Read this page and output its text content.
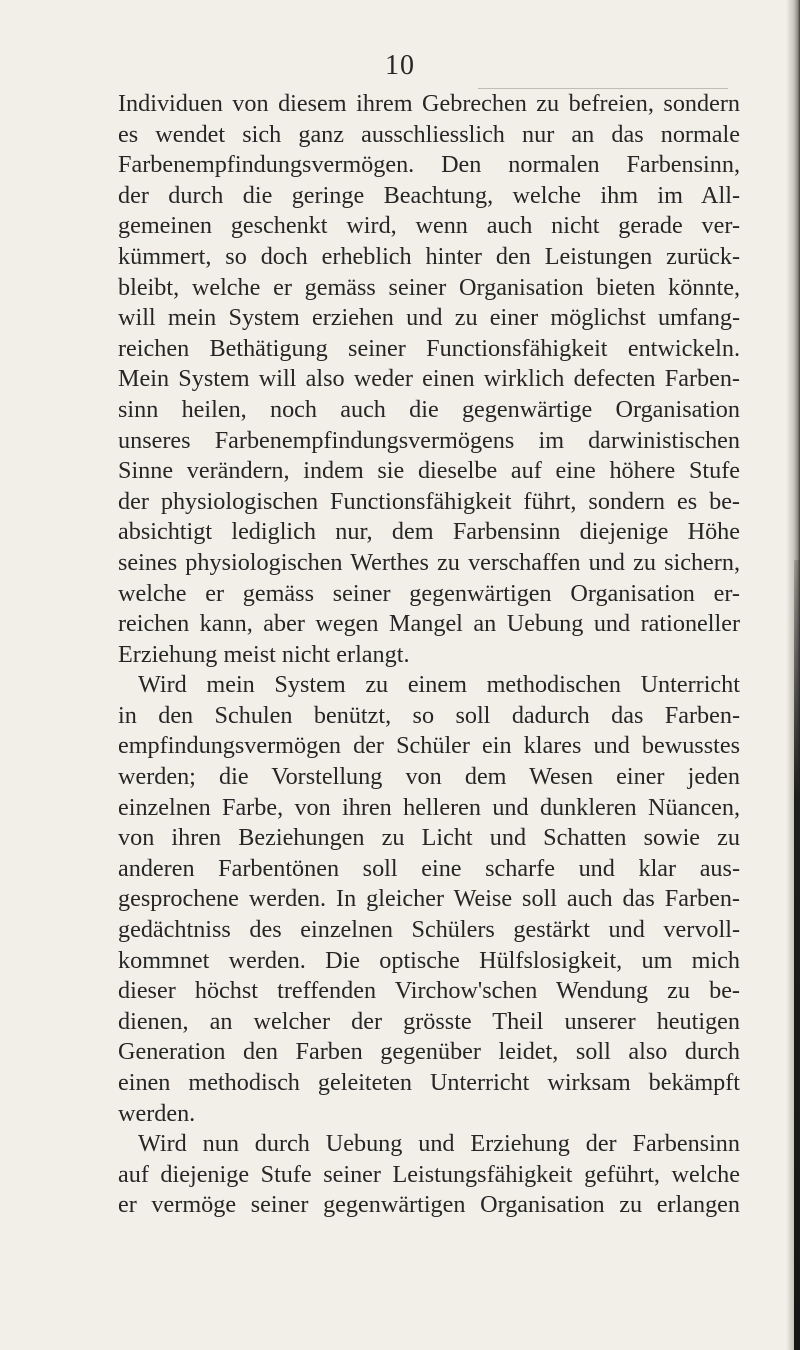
10
Individuen von diesem ihrem Gebrechen zu befreien, sondern
es wendet sich ganz ausschliesslich nur an das normale
Farbenempfindungsvermögen. Den normalen Farbensinn,
der durch die geringe Beachtung, welche ihm im All-
gemeinen geschenkt wird, wenn auch nicht gerade ver-
kümmert, so doch erheblich hinter den Leistungen zurück-
bleibt, welche er gemäss seiner Organisation bieten könnte,
will mein System erziehen und zu einer möglichst umfang-
reichen Bethätigung seiner Functionsfähigkeit entwickeln.
Mein System will also weder einen wirklich defecten Farben-
sinn heilen, noch auch die gegenwärtige Organisation
unseres Farbenempfindungsvermögens im darwinistischen
Sinne verändern, indem sie dieselbe auf eine höhere Stufe
der physiologischen Functionsfähigkeit führt, sondern es be-
absichtigt lediglich nur, dem Farbensinn diejenige Höhe
seines physiologischen Werthes zu verschaffen und zu sichern,
welche er gemäss seiner gegenwärtigen Organisation er-
reichen kann, aber wegen Mangel an Uebung und rationeller
Erziehung meist nicht erlangt.
Wird mein System zu einem methodischen Unterricht
in den Schulen benützt, so soll dadurch das Farben-
empfindungsvermögen der Schüler ein klares und bewusstes
werden; die Vorstellung von dem Wesen einer jeden
einzelnen Farbe, von ihren helleren und dunkleren Nüancen,
von ihren Beziehungen zu Licht und Schatten sowie zu
anderen Farbentönen soll eine scharfe und klar aus-
gesprochene werden. In gleicher Weise soll auch das Farben-
gedächtniss des einzelnen Schülers gestärkt und vervoll-
kommnet werden. Die optische Hülfslosigkeit, um mich
dieser höchst treffenden Virchow'schen Wendung zu be-
dienen, an welcher der grösste Theil unserer heutigen
Generation den Farben gegenüber leidet, soll also durch
einen methodisch geleiteten Unterricht wirksam bekämpft
werden.
Wird nun durch Uebung und Erziehung der Farbensinn
auf diejenige Stufe seiner Leistungsfähigkeit geführt, welche
er vermöge seiner gegenwärtigen Organisation zu erlangen
